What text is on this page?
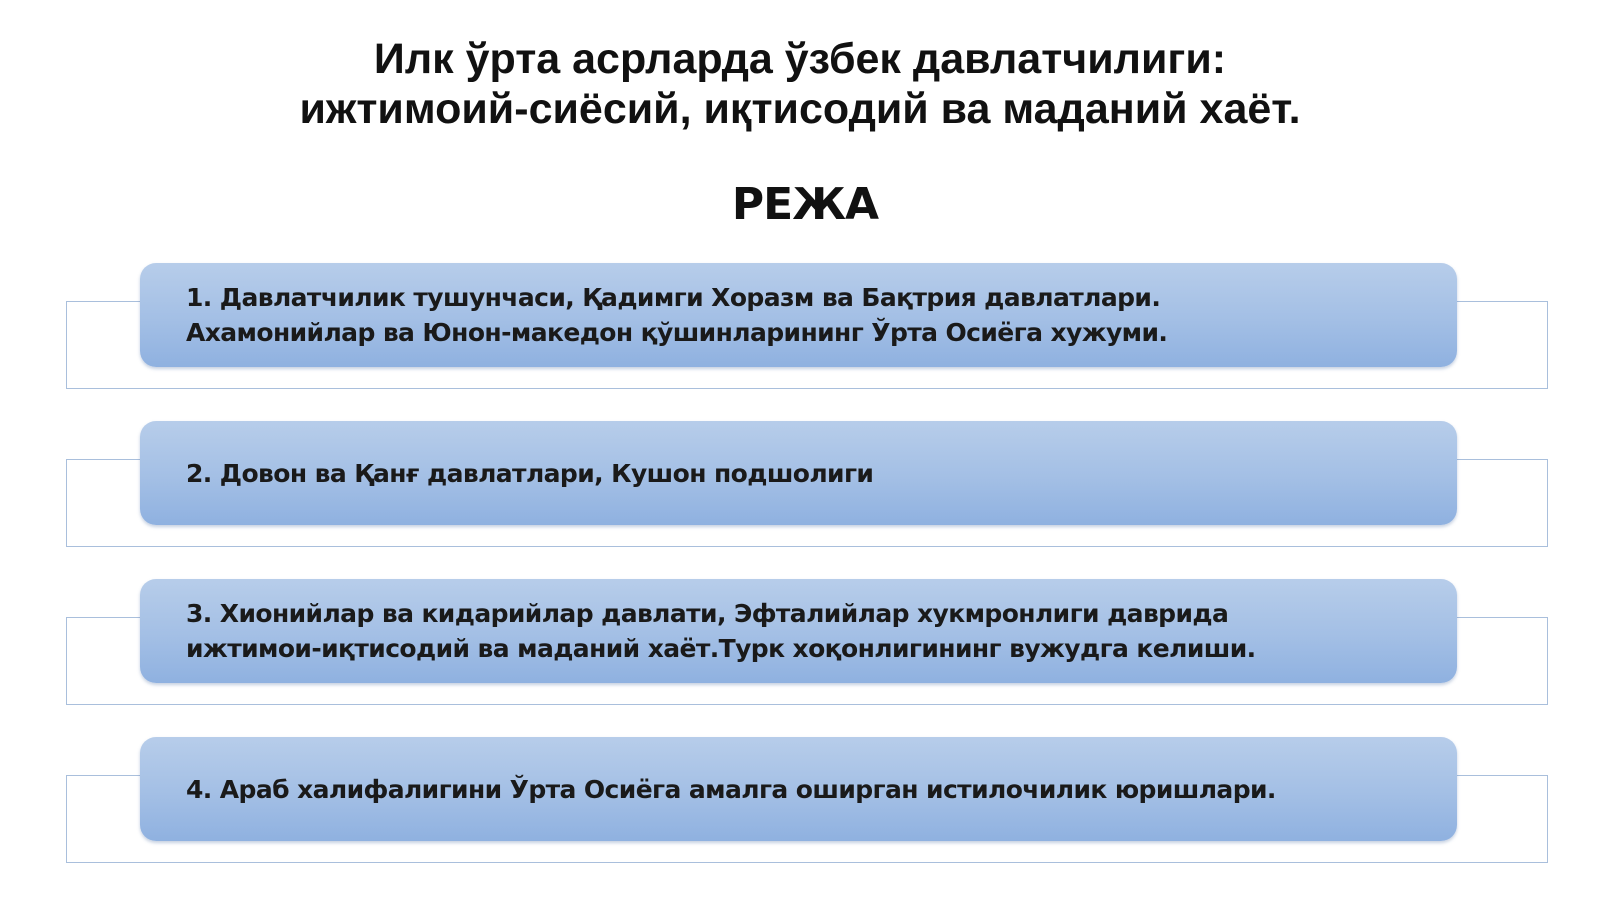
Илк ўрта асрларда ўзбек давлатчилиги:
ижтимоий-сиёсий, иқтисодий ва маданий хаёт.
РЕЖА
1. Давлатчилик тушунчаси, Қадимги Хоразм ва Бақтрия давлатлари.
Ахамонийлар ва Юнон-македон қўшинларининг Ўрта Осиёга хужуми.
2. Довон ва Қанғ давлатлари, Кушон подшолиги
3. Хионийлар ва кидарийлар давлати, Эфталийлар хукмронлиги даврида
ижтимои-иқтисодий ва маданий хаёт.Турк хоқонлигининг вужудга келиши.
4. Араб халифалигини Ўрта Осиёга амалга оширган истилочилик юришлари.
